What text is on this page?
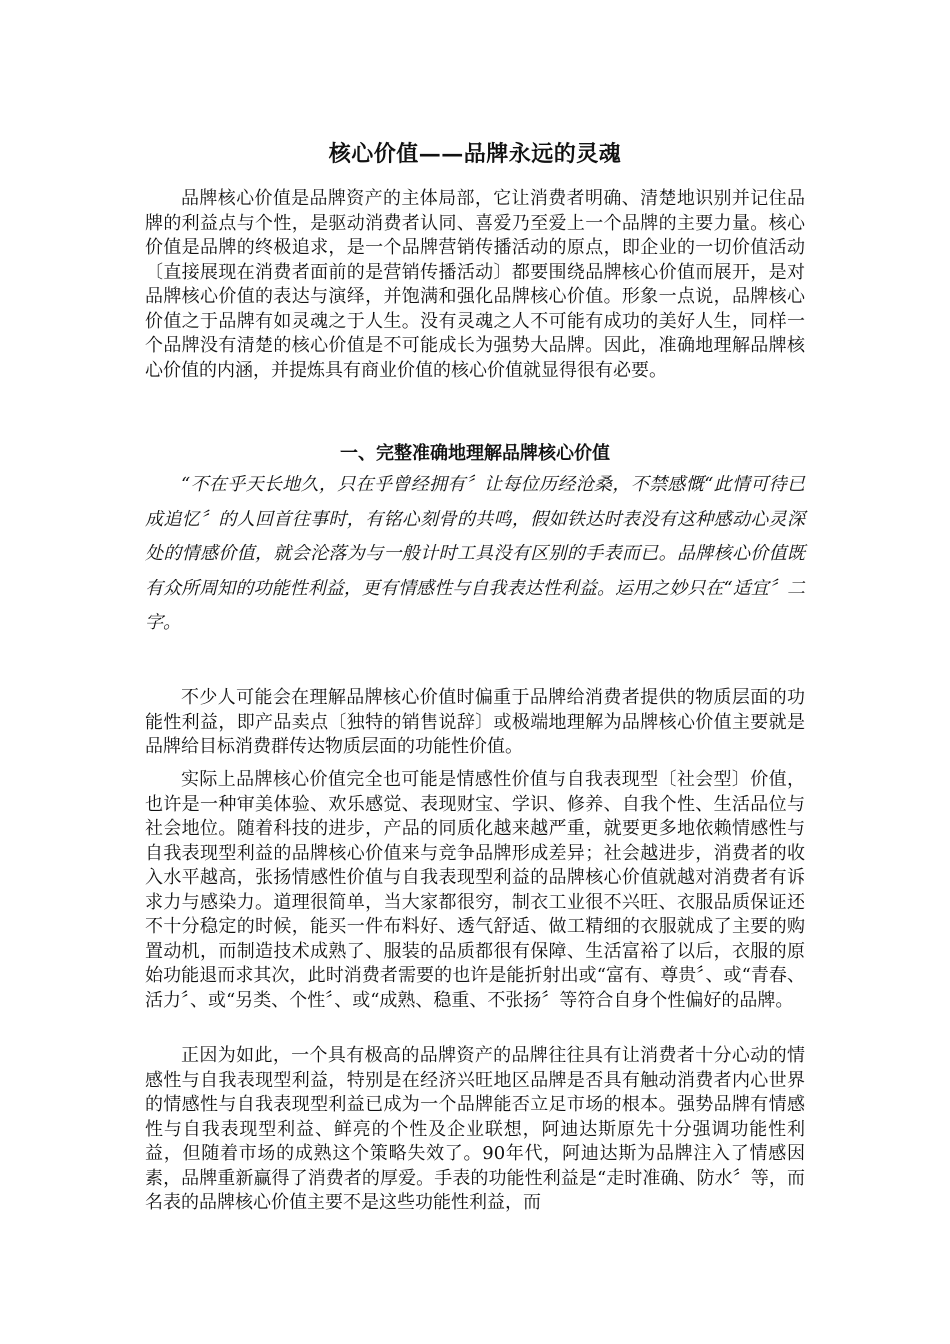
核心价值——品牌永远的灵魂

品牌核心价值是品牌资产的主体局部，它让消费者明确、清楚地识别并记住品牌的利益点与个性，是驱动消费者认同、喜爱乃至爱上一个品牌的主要力量。核心价值是品牌的终极追求，是一个品牌营销传播活动的原点，即企业的一切价值活动〔直接展现在消费者面前的是营销传播活动〕都要围绕品牌核心价值而展开，是对品牌核心价值的表达与演绎，并饱满和强化品牌核心价值。形象一点说，品牌核心价值之于品牌有如灵魂之于人生。没有灵魂之人不可能有成功的美好人生，同样一个品牌没有清楚的核心价值是不可能成长为强势大品牌。因此，准确地理解品牌核心价值的内涵，并提炼具有商业价值的核心价值就显得很有必要。

一、完整准确地理解品牌核心价值

“不在乎天长地久，只在乎曾经拥有〞让每位历经沧桑，不禁感慨“此情可待已成追忆〞的人回首往事时，有铭心刻骨的共鸣，假如铁达时表没有这种感动心灵深处的情感价值，就会沦落为与一般计时工具没有区别的手表而已。品牌核心价值既有众所周知的功能性利益，更有情感性与自我表达性利益。运用之妙只在“适宜〞二字。

不少人可能会在理解品牌核心价值时偏重于品牌给消费者提供的物质层面的功能性利益，即产品卖点〔独特的销售说辞〕或极端地理解为品牌核心价值主要就是品牌给目标消费群传达物质层面的功能性价值。

实际上品牌核心价值完全也可能是情感性价值与自我表现型〔社会型〕价值，也许是一种审美体验、欢乐感觉、表现财宝、学识、修养、自我个性、生活品位与社会地位。随着科技的进步，产品的同质化越来越严重，就要更多地依赖情感性与自我表现型利益的品牌核心价值来与竞争品牌形成差异；社会越进步，消费者的收入水平越高，张扬情感性价值与自我表现型利益的品牌核心价值就越对消费者有诉求力与感染力。道理很简单，当大家都很穷，制衣工业很不兴旺、衣服品质保证还不十分稳定的时候，能买一件布料好、透气舒适、做工精细的衣服就成了主要的购置动机，而制造技术成熟了、服装的品质都很有保障、生活富裕了以后，衣服的原始功能退而求其次，此时消费者需要的也许是能折射出或“富有、尊贵〞、或“青春、活力〞、或“另类、个性〞、或“成熟、稳重、不张扬〞等符合自身个性偏好的品牌。

正因为如此，一个具有极高的品牌资产的品牌往往具有让消费者十分心动的情感性与自我表现型利益，特别是在经济兴旺地区品牌是否具有触动消费者内心世界的情感性与自我表现型利益已成为一个品牌能否立足市场的根本。强势品牌有情感性与自我表现型利益、鲜亮的个性及企业联想，阿迪达斯原先十分强调功能性利益，但随着市场的成熟这个策略失效了。90年代，阿迪达斯为品牌注入了情感因素，品牌重新赢得了消费者的厚爱。手表的功能性利益是“走时准确、防水〞等，而名表的品牌核心价值主要不是这些功能性利益，而
